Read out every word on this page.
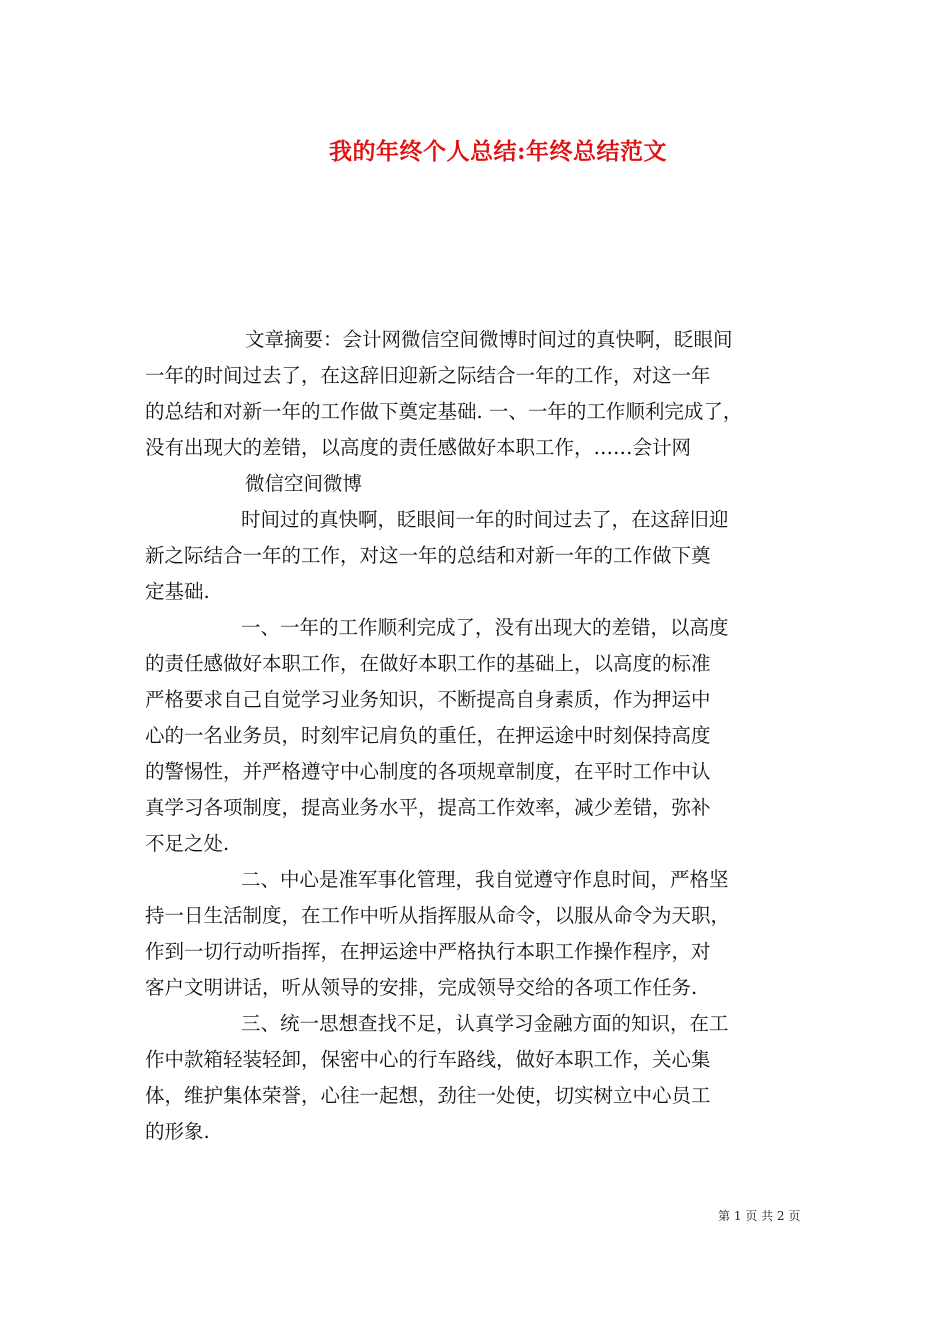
我的年终个人总结:年终总结范文
文章摘要：会计网微信空间微博时间过的真快啊，眨眼间
一年的时间过去了，在这辞旧迎新之际结合一年的工作，对这一年
的总结和对新一年的工作做下奠定基础. 一、一年的工作顺利完成了，
没有出现大的差错，以高度的责任感做好本职工作，……会计网
微信空间微博
时间过的真快啊，眨眼间一年的时间过去了，在这辞旧迎
新之际结合一年的工作，对这一年的总结和对新一年的工作做下奠
定基础.
一、一年的工作顺利完成了，没有出现大的差错，以高度
的责任感做好本职工作，在做好本职工作的基础上，以高度的标准
严格要求自己自觉学习业务知识，不断提高自身素质，作为押运中
心的一名业务员，时刻牢记肩负的重任，在押运途中时刻保持高度
的警惕性，并严格遵守中心制度的各项规章制度，在平时工作中认
真学习各项制度，提高业务水平，提高工作效率，减少差错，弥补
不足之处.
二、中心是准军事化管理，我自觉遵守作息时间，严格坚
持一日生活制度，在工作中听从指挥服从命令，以服从命令为天职，
作到一切行动听指挥，在押运途中严格执行本职工作操作程序，对
客户文明讲话，听从领导的安排，完成领导交给的各项工作任务.
三、统一思想查找不足，认真学习金融方面的知识，在工
作中款箱轻装轻卸，保密中心的行车路线，做好本职工作，关心集
体，维护集体荣誉，心往一起想，劲往一处使，切实树立中心员工
的形象.
第 1 页 共 2 页
